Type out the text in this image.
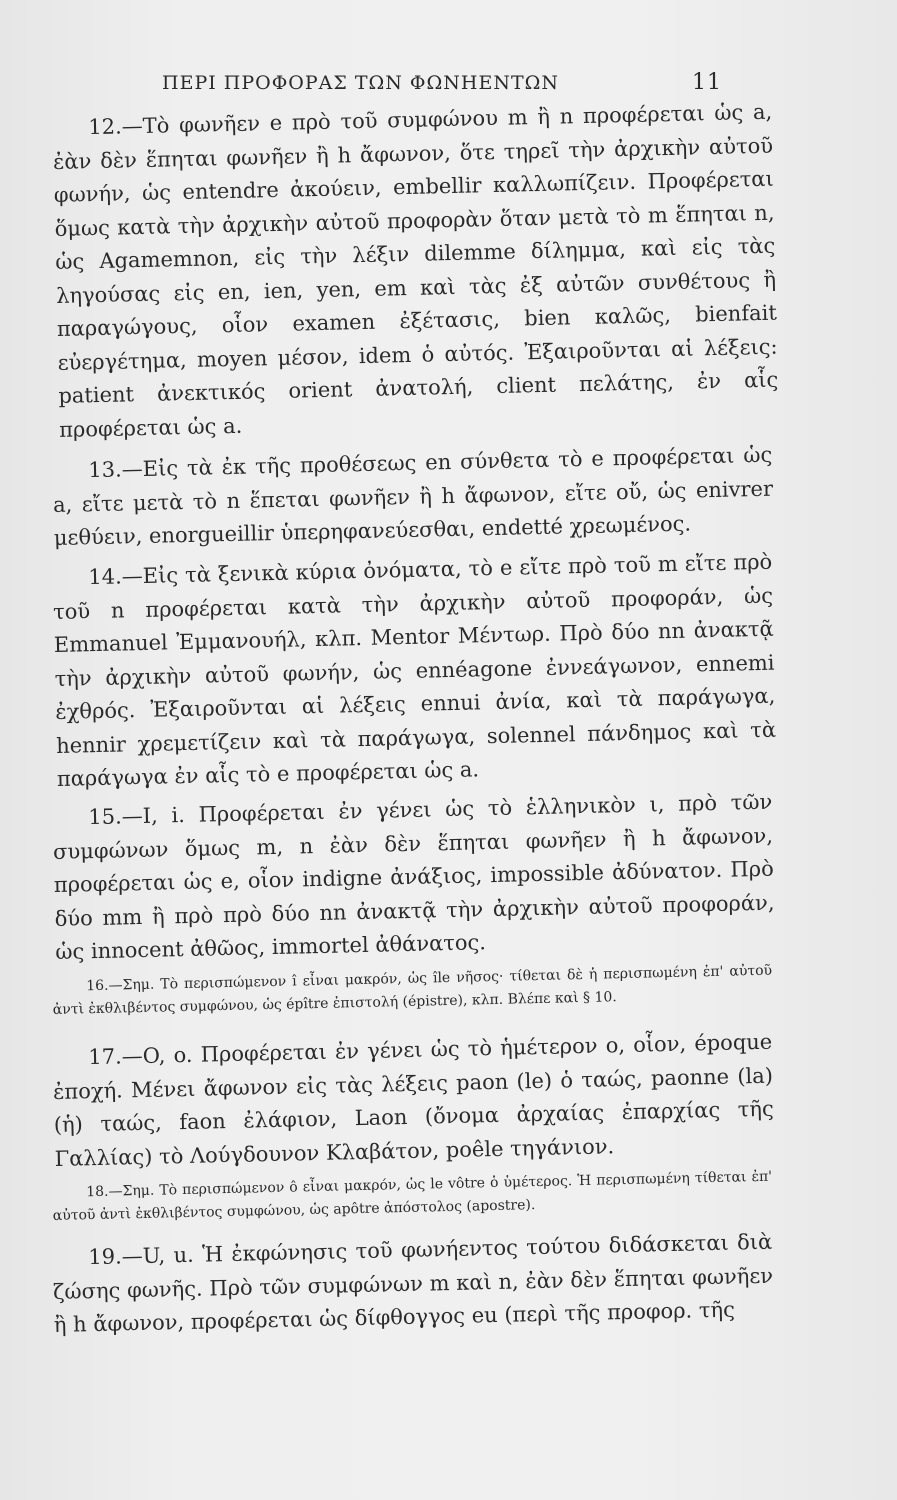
ΠΕΡΙ ΠΡΟΦΟΡΑΣ ΤΩΝ ΦΩΝΗΕΝΤΩΝ	11

12.—Τὸ φωνῆεν e πρὸ τοῦ συμφώνου m ἢ n προφέρεται ὡς a, ἐὰν δὲν ἕπηται φωνῆεν ἢ h ἄφωνον, ὅτε τηρεῖ τὴν ἀρχικὴν αὐτοῦ φωνήν, ὡς entendre ἀκούειν, embellir καλλωπίζειν. Προφέρεται ὅμως κατὰ τὴν ἀρχικὴν αὐτοῦ προφορὰν ὅταν μετὰ τὸ m ἕπηται n, ὡς Agamemnon, εἰς τὴν λέξιν dilemme δίλημμα, καὶ εἰς τὰς ληγούσας εἰς en, ien, yen, em καὶ τὰς ἐξ αὐτῶν συνθέτους ἢ παραγώγους, οἷον examen ἐξέτασις, bien καλῶς, bienfait εὐεργέτημα, moyen μέσον, idem ὁ αὐτός. Ἐξαιροῦνται αἱ λέξεις: patient ἀνεκτικός orient ἀνατολή, client πελάτης, ἐν αἷς προφέρεται ὡς a.

13.—Εἰς τὰ ἐκ τῆς προθέσεως en σύνθετα τὸ e προφέρεται ὡς a, εἴτε μετὰ τὸ n ἕπεται φωνῆεν ἢ h ἄφωνον, εἴτε οὔ, ὡς enivrer μεθύειν, enorgueillir ὑπερηφανεύεσθαι, endetté χρεωμένος.

14.—Εἰς τὰ ξενικὰ κύρια ὀνόματα, τὸ e εἴτε πρὸ τοῦ m εἴτε πρὸ τοῦ n προφέρεται κατὰ τὴν ἀρχικὴν αὐτοῦ προφοράν, ὡς Emmanuel Ἐμμανουήλ, κλπ. Mentor Μέντωρ. Πρὸ δύο nn ἀνακτᾷ τὴν ἀρχικὴν αὐτοῦ φωνήν, ὡς ennéagone ἐννεάγωνον, ennemi ἐχθρός. Ἐξαιροῦνται αἱ λέξεις ennui ἀνία, καὶ τὰ παράγωγα, hennir χρεμετίζειν καὶ τὰ παράγωγα, solennel πάνδημος καὶ τὰ παράγωγα ἐν αἷς τὸ e προφέρεται ὡς a.

15.—I, i. Προφέρεται ἐν γένει ὡς τὸ ἑλληνικὸν ι, πρὸ τῶν συμφώνων ὅμως m, n ἐὰν δὲν ἕπηται φωνῆεν ἢ h ἄφωνον, προφέρεται ὡς e, οἷον indigne ἀνάξιος, impossible ἀδύνατον. Πρὸ δύο mm ἢ πρὸ πρὸ δύο nn ἀνακτᾷ τὴν ἀρχικὴν αὐτοῦ προφοράν, ὡς innocent ἀθῶος, immortel ἀθάνατος.

16.—Σημ. Τὸ περισπώμενον î εἶναι μακρόν, ὡς île νῆσος· τίθεται δὲ ἡ περισπωμένη ἐπ' αὐτοῦ ἀντὶ ἐκθλιβέντος συμφώνου, ὡς épître ἐπιστολή (épistre), κλπ. Βλέπε καὶ § 10.

17.—O, o. Προφέρεται ἐν γένει ὡς τὸ ἡμέτερον o, οἷον, époque ἐποχή. Μένει ἄφωνον εἰς τὰς λέξεις paon (le) ὁ ταώς, paonne (la) (ἡ) ταώς, faon ἐλάφιον, Laon (ὄνομα ἀρχαίας ἐπαρχίας τῆς Γαλλίας) τὸ Λούγδουνον Κλαβάτον, poêle τηγάνιον.

18.—Σημ. Τὸ περισπώμενον ô εἶναι μακρόν, ὡς le vôtre ὁ ὑμέτερος. Ἡ περισπωμένη τίθεται ἐπ' αὐτοῦ ἀντὶ ἐκθλιβέντος συμφώνου, ὡς apôtre ἀπόστολος (apostre).

19.—U, u. Ἡ ἐκφώνησις τοῦ φωνήεντος τούτου διδάσκεται διὰ ζώσης φωνῆς. Πρὸ τῶν συμφώνων m καὶ n, ἐὰν δὲν ἕπηται φωνῆεν ἢ h ἄφωνον, προφέρεται ὡς δίφθογγος eu (περὶ τῆς προφορ. τῆς
